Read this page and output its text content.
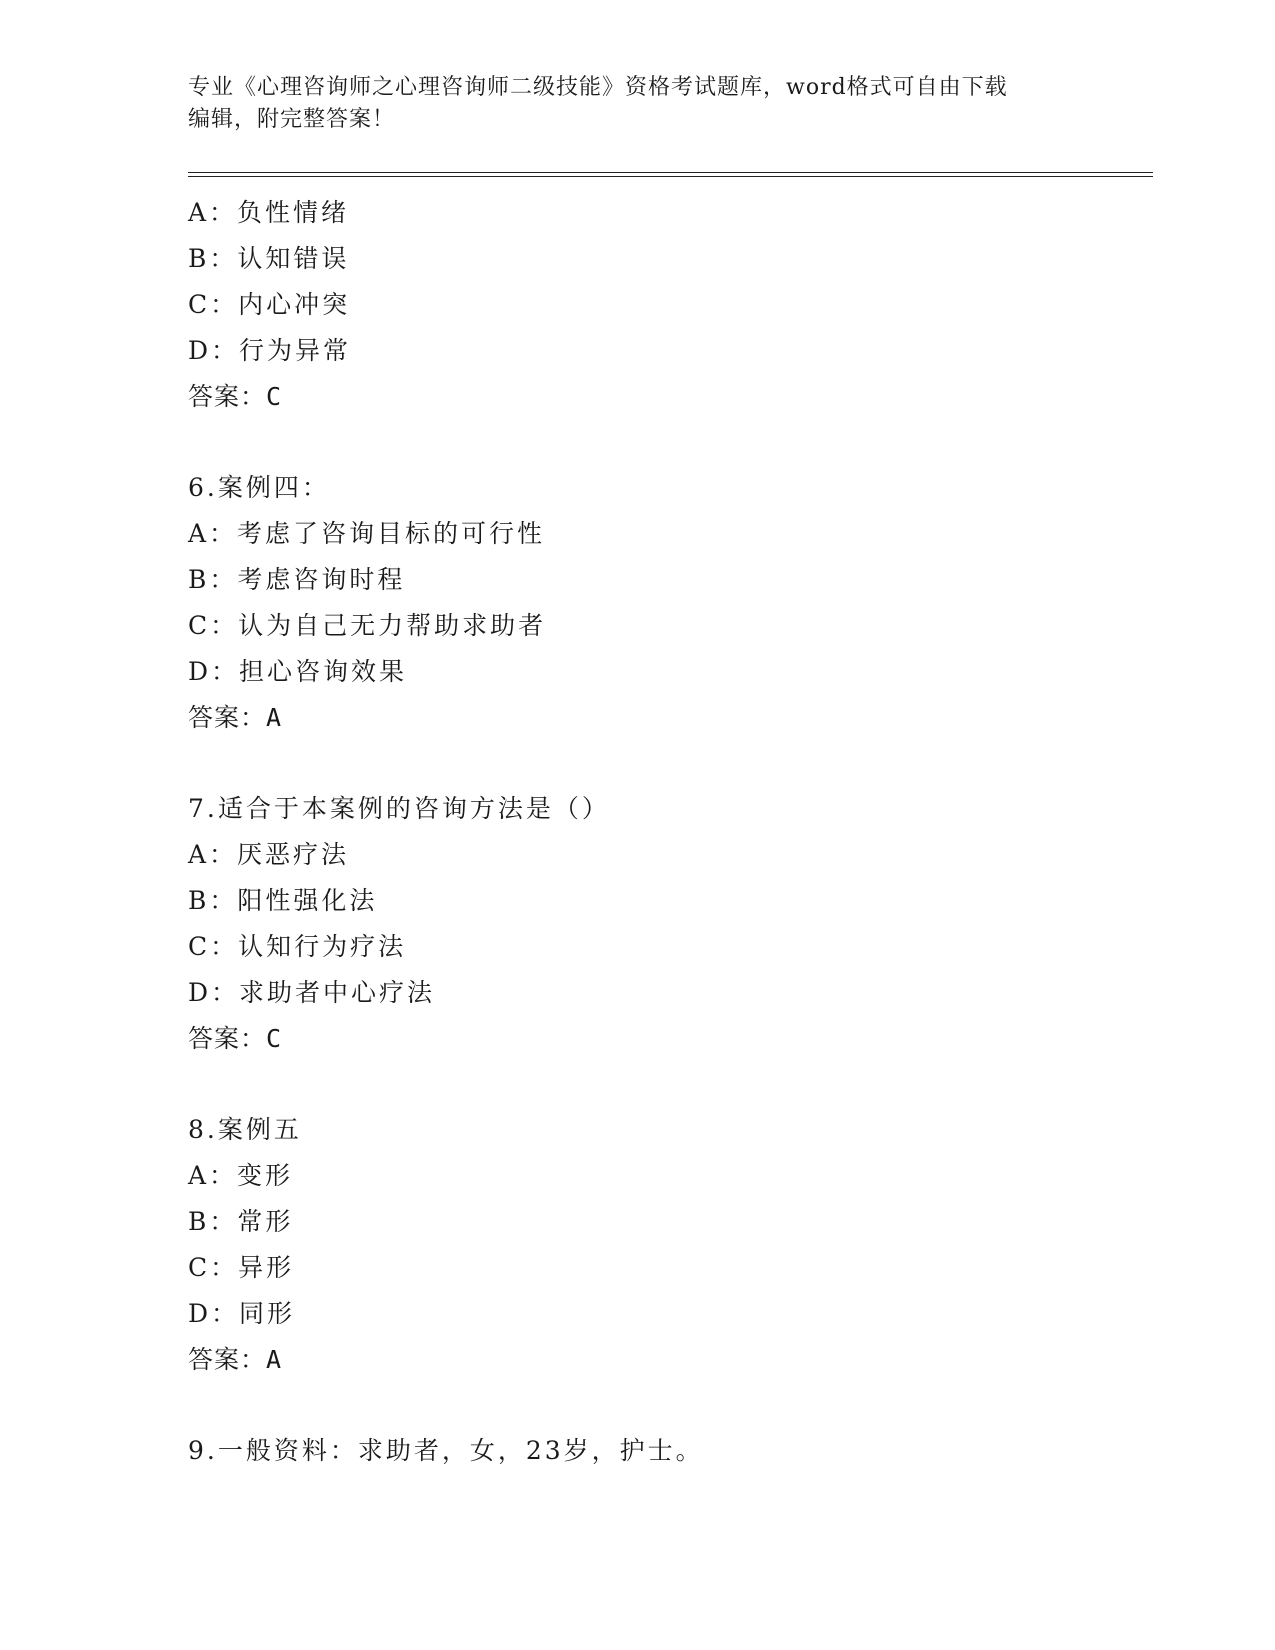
专业《心理咨询师之心理咨询师二级技能》资格考试题库，word格式可自由下载
编辑，附完整答案！
A：负性情绪
B：认知错误
C：内心冲突
D：行为异常
答案：C
6.案例四：
A：考虑了咨询目标的可行性
B：考虑咨询时程
C：认为自己无力帮助求助者
D：担心咨询效果
答案：A
7.适合于本案例的咨询方法是（）
A：厌恶疗法
B：阳性强化法
C：认知行为疗法
D：求助者中心疗法
答案：C
8.案例五
A：变形
B：常形
C：异形
D：同形
答案：A
9.一般资料：求助者，女，23岁，护士。
